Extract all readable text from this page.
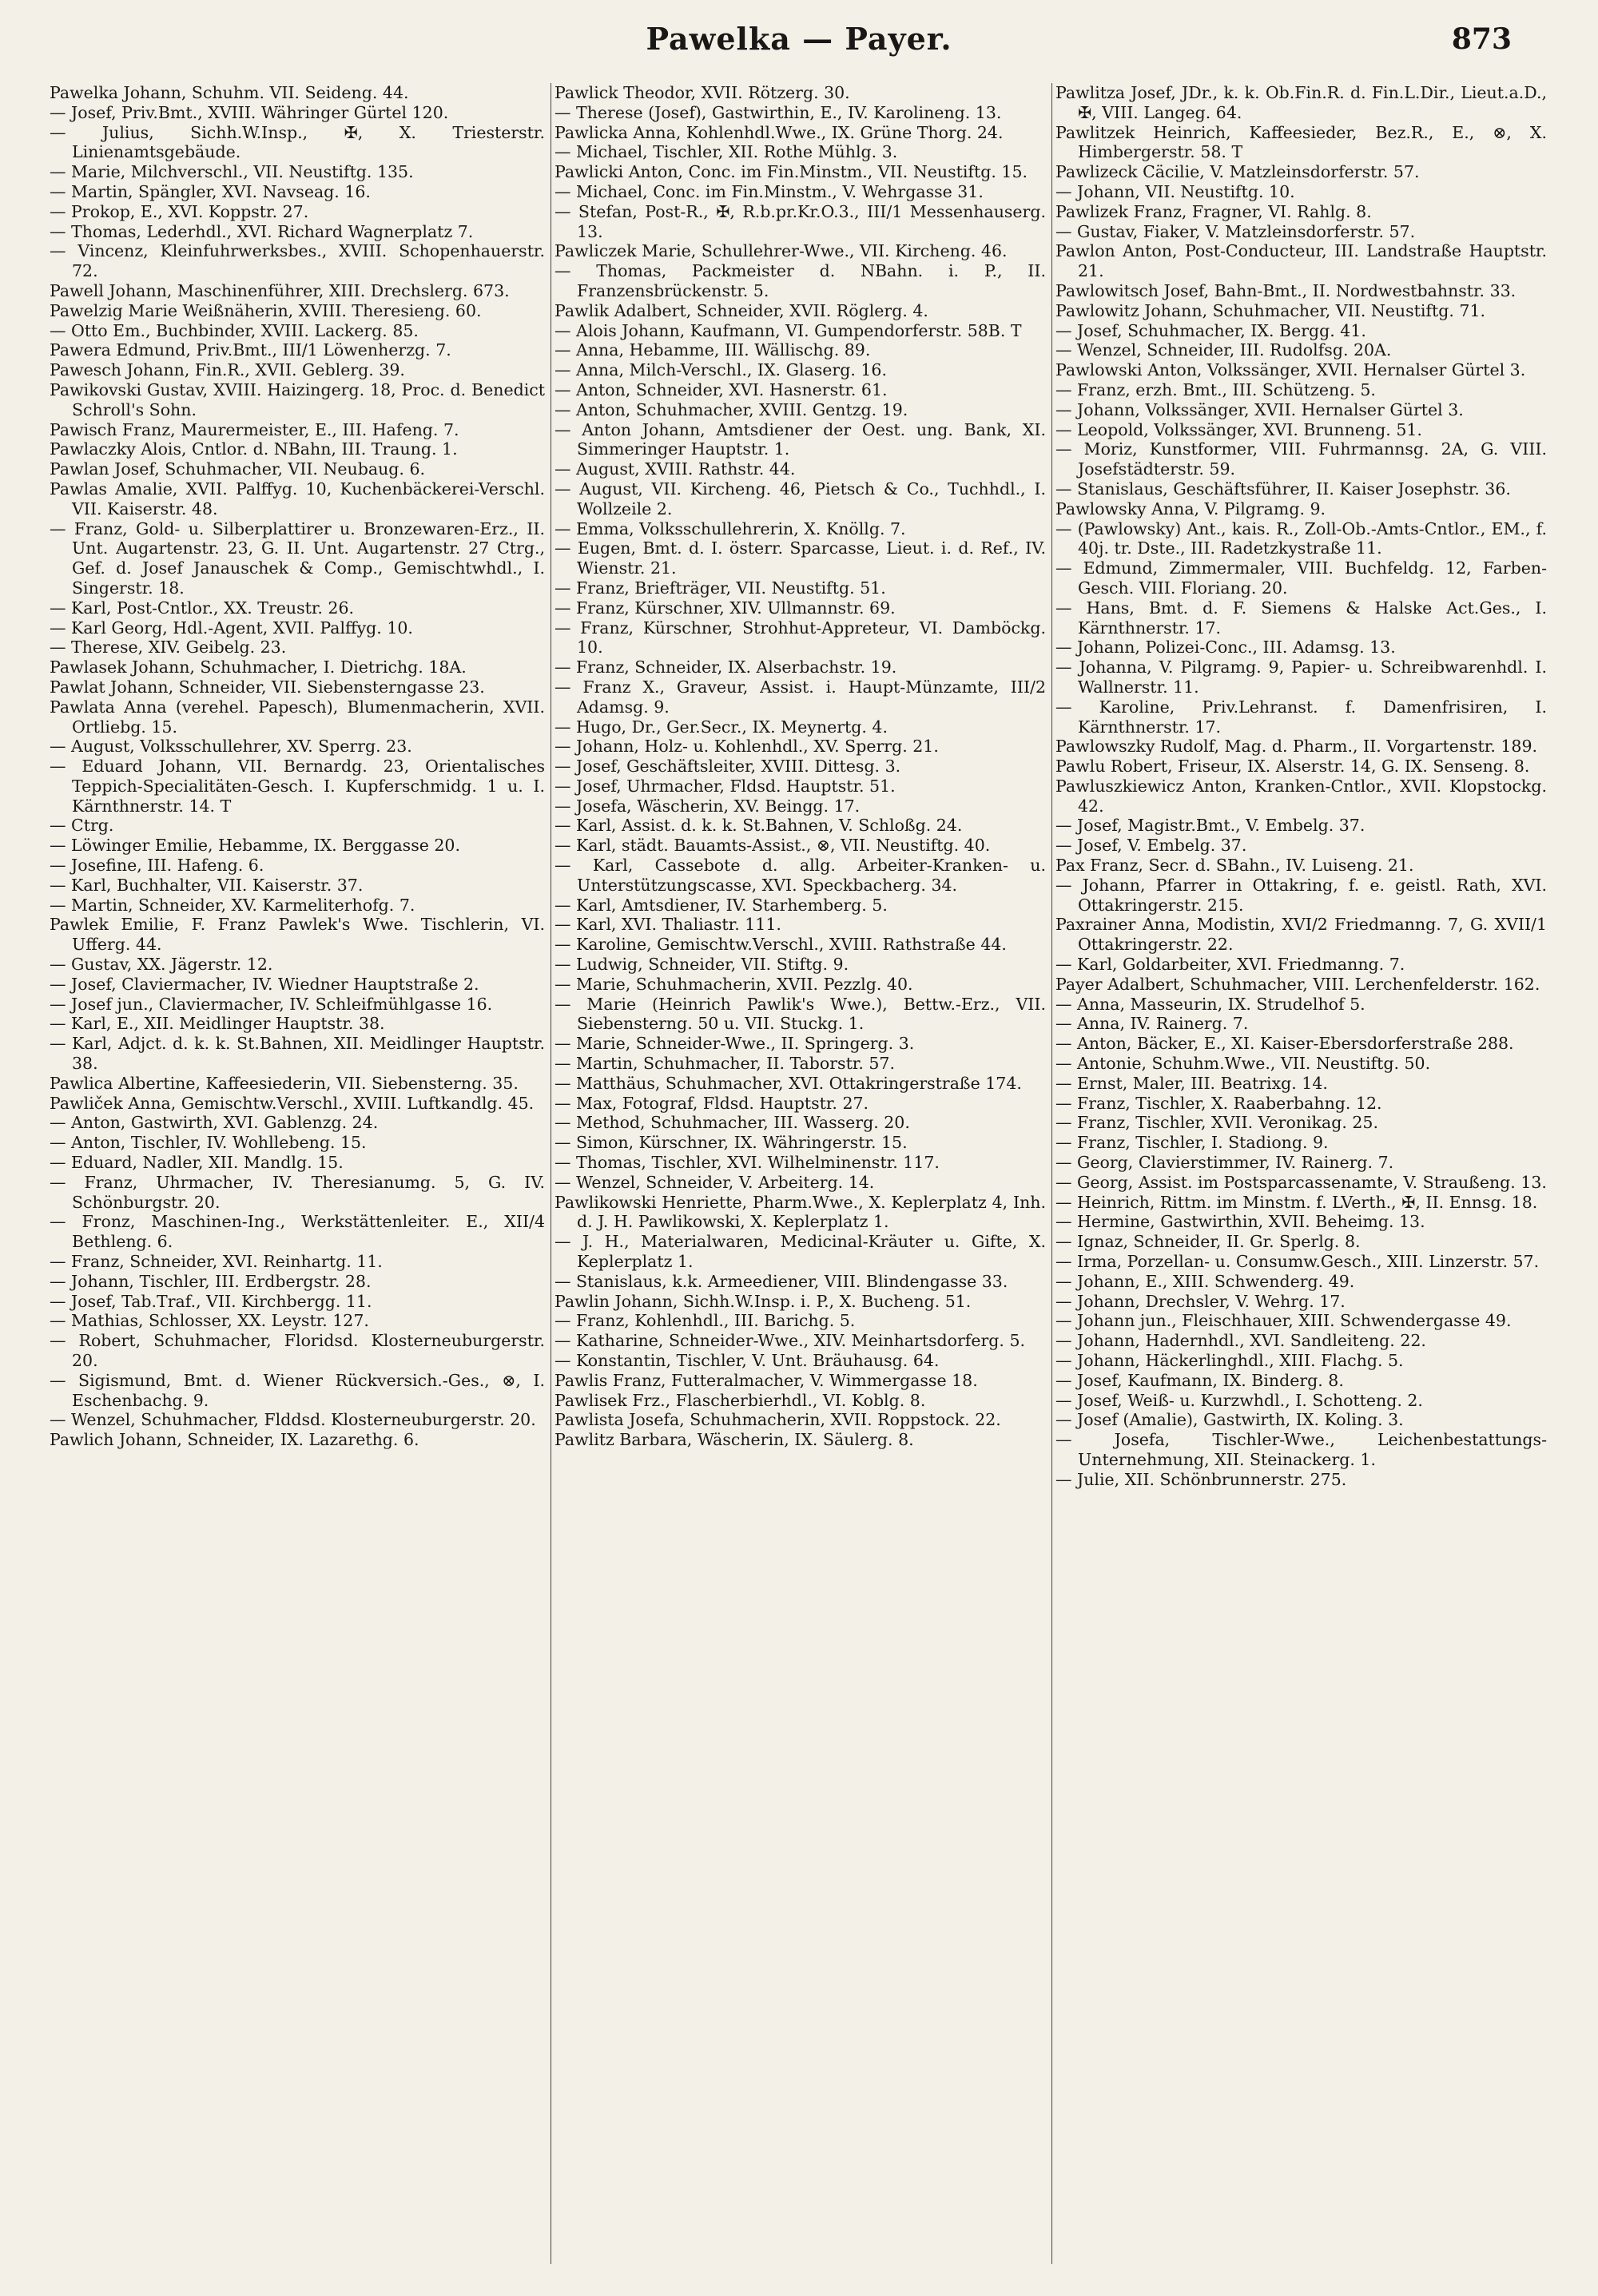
Pawelka — Payer.	873
Pawelka Johann, Schuhm. VII. Seideng. 44.
— Josef, Priv.Bmt., XVIII. Währinger Gürtel 120.
— Julius, Sichh.W.Insp., ✠, X. Triesterstr. Linienamtsgebäude.
— Marie, Milchverschl., VII. Neustiftg. 135.
— Martin, Spängler, XVI. Navseag. 16.
— Prokop, E., XVI. Koppstr. 27.
— Thomas, Lederhdl., XVI. Richard Wagnerplatz 7.
— Vincenz, Kleinfuhrwerksbes., XVIII. Schopenhauerstr. 72.
Pawell Johann, Maschinenführer, XIII. Drechslerg. 673.
Pawelzig Marie Weißnäherin, XVIII. Theresieng. 60.
— Otto Em., Buchbinder, XVIII. Lackerg. 85.
Pawera Edmund, Priv.Bmt., III/1 Löwenherzg. 7.
Pawesch Johann, Fin.R., XVII. Geblerg. 39.
Pawikovski Gustav, XVIII. Haizingerg. 18, Proc. d. Benedict Schroll's Sohn.
Pawisch Franz, Maurermeister, E., III. Hafeng. 7.
Pawlaczky Alois, Cntlor. d. NBahn, III. Traung. 1.
Pawlan Josef, Schuhmacher, VII. Neubaug. 6.
Pawlas Amalie, XVII. Palffyg. 10, Kuchenbäckerei-Verschl. VII. Kaiserstr. 48.
— Franz, Gold- u. Silberplattirer u. Bronzewaren-Erz., II. Unt. Augartenstr. 23, G. II. Unt. Augartenstr. 27 Ctrg., Gef. d. Josef Janauschek & Comp., Gemischtwhdl., I. Singerstr. 18.
— Karl, Post-Cntlor., XX. Treustr. 26.
— Karl Georg, Hdl.-Agent, XVII. Palffyg. 10.
— Therese, XIV. Geibelg. 23.
Pawlasek Johann, Schuhmacher, I. Dietrichg. 18A.
Pawlat Johann, Schneider, VII. Siebensterngasse 23.
Pawlata Anna (verehel. Papesch), Blumenmacherin, XVII. Ortliebg. 15.
— August, Volksschullehrer, XV. Sperrg. 23.
— Eduard Johann, VII. Bernardg. 23, Orientalisches Teppich-Specialitäten-Gesch. I. Kupferschmidg. 1 u. I. Kärnthnerstr. 14. T
— Ctrg.
— Löwinger Emilie, Hebamme, IX. Berggasse 20.
— Josefine, III. Hafeng. 6.
— Karl, Buchhalter, VII. Kaiserstr. 37.
— Martin, Schneider, XV. Karmeliterhofg. 7.
Pawlek Emilie, F. Franz Pawlek's Wwe. Tischlerin, VI. Ufferg. 44.
— Gustav, XX. Jägerstr. 12.
— Josef, Claviermacher, IV. Wiedner Hauptstraße 2.
— Josef jun., Claviermacher, IV. Schleifmühlgasse 16.
— Karl, E., XII. Meidlinger Hauptstr. 38.
— Karl, Adjct. d. k. k. St.Bahnen, XII. Meidlinger Hauptstr. 38.
Pawlica Albertine, Kaffeesiederin, VII. Siebensterng. 35.
Pawliček Anna, Gemischtw.Verschl., XVIII. Luftkandlg. 45.
— Anton, Gastwirth, XVI. Gablenzg. 24.
— Anton, Tischler, IV. Wohllebeng. 15.
— Eduard, Nadler, XII. Mandlg. 15.
— Franz, Uhrmacher, IV. Theresianumg. 5, G. IV. Schönburgstr. 20.
— Fronz, Maschinen-Ing., Werkstättenleiter. E., XII/4 Bethleng. 6.
— Franz, Schneider, XVI. Reinhartg. 11.
— Johann, Tischler, III. Erdbergstr. 28.
— Josef, Tab.Traf., VII. Kirchbergg. 11.
— Mathias, Schlosser, XX. Leystr. 127.
— Robert, Schuhmacher, Floridsd. Klosterneuburgerstr. 20.
— Sigismund, Bmt. d. Wiener Rückversich.-Ges., ⊗, I. Eschenbachg. 9.
— Wenzel, Schuhmacher, Flddsd. Klosterneuburgerstr. 20.
Pawlich Johann, Schneider, IX. Lazarethg. 6.
Pawlick Theodor, XVII. Rötzerg. 30.
— Therese (Josef), Gastwirthin, E., IV. Karolineng. 13.
Pawlicka Anna, Kohlenhdl.Wwe., IX. Grüne Thorg. 24.
— Michael, Tischler, XII. Rothe Mühlg. 3.
Pawlicki Anton, Conc. im Fin.Minstm., VII. Neustiftg. 15.
— Michael, Conc. im Fin.Minstm., V. Wehrgasse 31.
— Stefan, Post-R., ✠, R.b.pr.Kr.O.3., III/1 Messenhauserg. 13.
Pawliczek Marie, Schullehrer-Wwe., VII. Kircheng. 46.
— Thomas, Packmeister d. NBahn. i. P., II. Franzensbrückenstr. 5.
Pawlik Adalbert, Schneider, XVII. Röglerg. 4.
— Alois Johann, Kaufmann, VI. Gumpendorferstr. 58B. T
— Anna, Hebamme, III. Wällischg. 89.
— Anna, Milch-Verschl., IX. Glaserg. 16.
— Anton, Schneider, XVI. Hasnerstr. 61.
— Anton, Schuhmacher, XVIII. Gentzg. 19.
— Anton Johann, Amtsdiener der Oest. ung. Bank, XI. Simmeringer Hauptstr. 1.
— August, XVIII. Rathstr. 44.
— August, VII. Kircheng. 46, Pietsch & Co., Tuchhdl., I. Wollzeile 2.
— Emma, Volksschullehrerin, X. Knöllg. 7.
— Eugen, Bmt. d. I. österr. Sparcasse, Lieut. i. d. Ref., IV. Wienstr. 21.
— Franz, Briefträger, VII. Neustiftg. 51.
— Franz, Kürschner, XIV. Ullmannstr. 69.
— Franz, Kürschner, Strohhut-Appreteur, VI. Damböckg. 10.
— Franz, Schneider, IX. Alserbachstr. 19.
— Franz X., Graveur, Assist. i. Haupt-Münzamte, III/2 Adamsg. 9.
— Hugo, Dr., Ger.Secr., IX. Meynertg. 4.
— Johann, Holz- u. Kohlenhdl., XV. Sperrg. 21.
— Josef, Geschäftsleiter, XVIII. Dittesg. 3.
— Josef, Uhrmacher, Fldsd. Hauptstr. 51.
— Josefa, Wäscherin, XV. Beingg. 17.
— Karl, Assist. d. k. k. St.Bahnen, V. Schloßg. 24.
— Karl, städt. Bauamts-Assist., ⊗, VII. Neustiftg. 40.
— Karl, Cassebote d. allg. Arbeiter-Kranken- u. Unterstützungscasse, XVI. Speckbacherg. 34.
— Karl, Amtsdiener, IV. Starhemberg. 5.
— Karl, XVI. Thaliastr. 111.
— Karoline, Gemischtw.Verschl., XVIII. Rathstraße 44.
— Ludwig, Schneider, VII. Stiftg. 9.
— Marie, Schuhmacherin, XVII. Pezzlg. 40.
— Marie (Heinrich Pawlik's Wwe.), Bettw.-Erz., VII. Siebensterng. 50 u. VII. Stuckg. 1.
— Marie, Schneider-Wwe., II. Springerg. 3.
— Martin, Schuhmacher, II. Taborstr. 57.
— Matthäus, Schuhmacher, XVI. Ottakringerstraße 174.
— Max, Fotograf, Fldsd. Hauptstr. 27.
— Method, Schuhmacher, III. Wasserg. 20.
— Simon, Kürschner, IX. Währingerstr. 15.
— Thomas, Tischler, XVI. Wilhelminenstr. 117.
— Wenzel, Schneider, V. Arbeiterg. 14.
Pawlikowski Henriette, Pharm.Wwe., X. Keplerplatz 4, Inh. d. J. H. Pawlikowski, X. Keplerplatz 1.
— J. H., Materialwaren, Medicinal-Kräuter u. Gifte, X. Keplerplatz 1.
— Stanislaus, k.k. Armeediener, VIII. Blindengasse 33.
Pawlin Johann, Sichh.W.Insp. i. P., X. Bucheng. 51.
— Franz, Kohlenhdl., III. Barichg. 5.
— Katharine, Schneider-Wwe., XIV. Meinhartsdorferg. 5.
— Konstantin, Tischler, V. Unt. Bräuhausg. 64.
Pawlis Franz, Futteralmacher, V. Wimmergasse 18.
Pawlisek Frz., Flascherbierhdl., VI. Koblg. 8.
Pawlista Josefa, Schuhmacherin, XVII. Roppstock. 22.
Pawlitz Barbara, Wäscherin, IX. Säulerg. 8.
Pawlitza Josef, JDr., k. k. Ob.Fin.R. d. Fin.L.Dir., Lieut.a.D., ✠, VIII. Langeg. 64.
Pawlitzek Heinrich, Kaffeesieder, Bez.R., E., ⊗, X. Himbergerstr. 58. T
Pawlizeck Cäcilie, V. Matzleinsdorferstr. 57.
— Johann, VII. Neustiftg. 10.
Pawlizek Franz, Fragner, VI. Rahlg. 8.
— Gustav, Fiaker, V. Matzleinsdorferstr. 57.
Pawlon Anton, Post-Conducteur, III. Landstraße Hauptstr. 21.
Pawlowitsch Josef, Bahn-Bmt., II. Nordwestbahnstr. 33.
Pawlowitz Johann, Schuhmacher, VII. Neustiftg. 71.
— Josef, Schuhmacher, IX. Bergg. 41.
— Wenzel, Schneider, III. Rudolfsg. 20A.
Pawlowski Anton, Volkssänger, XVII. Hernalser Gürtel 3.
— Franz, erzh. Bmt., III. Schützeng. 5.
— Johann, Volkssänger, XVII. Hernalser Gürtel 3.
— Leopold, Volkssänger, XVI. Brunneng. 51.
— Moriz, Kunstformer, VIII. Fuhrmannsg. 2A, G. VIII. Josefstädterstr. 59.
— Stanislaus, Geschäftsführer, II. Kaiser Josephstr. 36.
Pawlowsky Anna, V. Pilgramg. 9.
— (Pawlowsky) Ant., kais. R., Zoll-Ob.-Amts-Cntlor., EM., f. 40j. tr. Dste., III. Radetzkystraße 11.
— Edmund, Zimmermaler, VIII. Buchfeldg. 12, Farben-Gesch. VIII. Floriang. 20.
— Hans, Bmt. d. F. Siemens & Halske Act.Ges., I. Kärnthnerstr. 17.
— Johann, Polizei-Conc., III. Adamsg. 13.
— Johanna, V. Pilgramg. 9, Papier- u. Schreibwarenhdl. I. Wallnerstr. 11.
— Karoline, Priv.Lehranst. f. Damenfrisiren, I. Kärnthnerstr. 17.
Pawlowszky Rudolf, Mag. d. Pharm., II. Vorgartenstr. 189.
Pawlu Robert, Friseur, IX. Alserstr. 14, G. IX. Senseng. 8.
Pawluszkiewicz Anton, Kranken-Cntlor., XVII. Klopstockg. 42.
— Josef, Magistr.Bmt., V. Embelg. 37.
— Josef, V. Embelg. 37.
Pax Franz, Secr. d. SBahn., IV. Luiseng. 21.
— Johann, Pfarrer in Ottakring, f. e. geistl. Rath, XVI. Ottakringerstr. 215.
Paxrainer Anna, Modistin, XVI/2 Friedmanng. 7, G. XVII/1 Ottakringerstr. 22.
— Karl, Goldarbeiter, XVI. Friedmanng. 7.
Payer Adalbert, Schuhmacher, VIII. Lerchenfelderstr. 162.
— Anna, Masseurin, IX. Strudelhof 5.
— Anna, IV. Rainerg. 7.
— Anton, Bäcker, E., XI. Kaiser-Ebersdorferstraße 288.
— Antonie, Schuhm.Wwe., VII. Neustiftg. 50.
— Ernst, Maler, III. Beatrixg. 14.
— Franz, Tischler, X. Raaberbahng. 12.
— Franz, Tischler, XVII. Veronikag. 25.
— Franz, Tischler, I. Stadiong. 9.
— Georg, Clavierstimmer, IV. Rainerg. 7.
— Georg, Assist. im Postsparcassenamte, V. Straußeng. 13.
— Heinrich, Rittm. im Minstm. f. LVerth., ✠, II. Ennsg. 18.
— Hermine, Gastwirthin, XVII. Beheimg. 13.
— Ignaz, Schneider, II. Gr. Sperlg. 8.
— Irma, Porzellan- u. Consumw.Gesch., XIII. Linzerstr. 57.
— Johann, E., XIII. Schwenderg. 49.
— Johann, Drechsler, V. Wehrg. 17.
— Johann jun., Fleischhauer, XIII. Schwendergasse 49.
— Johann, Hadernhdl., XVI. Sandleiteng. 22.
— Johann, Häckerlinghdl., XIII. Flachg. 5.
— Josef, Kaufmann, IX. Binderg. 8.
— Josef, Weiß- u. Kurzwhdl., I. Schotteng. 2.
— Josef (Amalie), Gastwirth, IX. Koling. 3.
— Josefa, Tischler-Wwe., Leichenbestattungs-Unternehmung, XII. Steinackerg. 1.
— Julie, XII. Schönbrunnerstr. 275.
